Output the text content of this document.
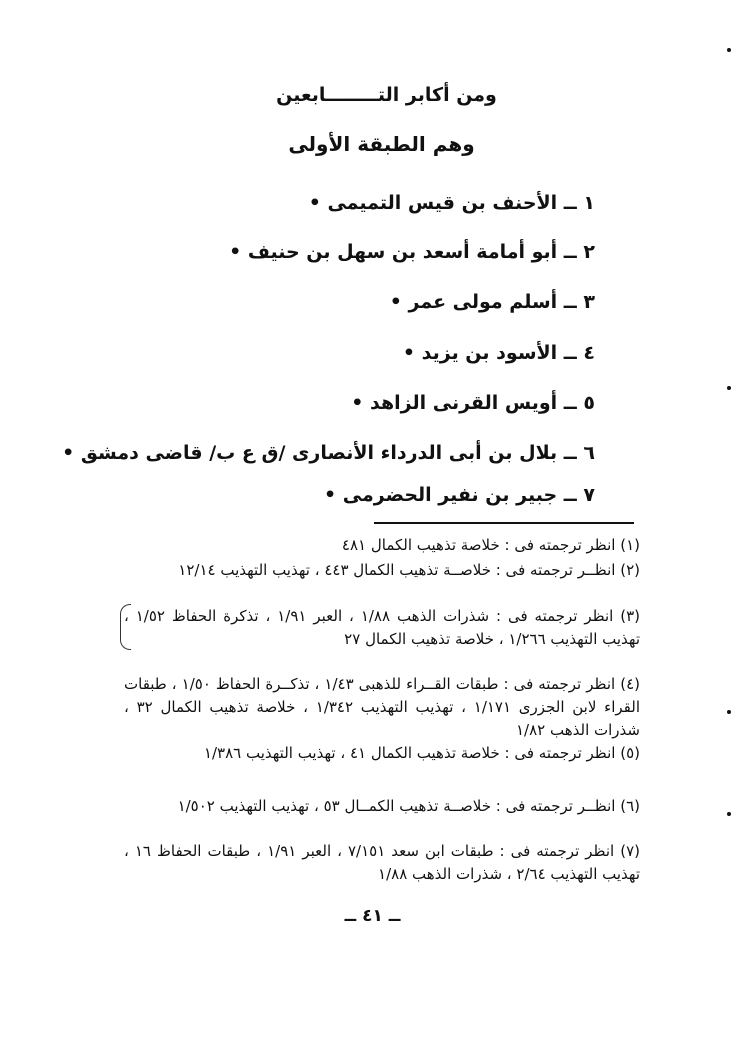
ومن أكابر التــــــــابعين
وهم الطبقة الأولى
١ ــ الأحنف بن قيس التميمى •
٢ ــ أبو أمامة أسعد بن سهل بن حنيف •
٣ ــ أسلم مولى عمر •
٤ ــ الأسود بن يزيد •
٥ ــ أويس القرنى الزاهد •
٦ ــ بلال بن أبى الدرداء الأنصارى /ق ع ب/ قاضى دمشق •
٧ ــ جبير بن نفير الحضرمى •
(١) انظر ترجمته فى : خلاصة تذهيب الكمال ٤٨١
(٢) انظــر ترجمته فى : خلاصــة تذهيب الكمال ٤٤٣ ، تهذيب التهذيب ١٢/١٤
(٣) انظر ترجمته فى : شذرات الذهب ١/٨٨ ، العبر ١/٩١ ، تذكرة الحفاظ ١/٥٢ ، تهذيب التهذيب ١/٢٦٦ ، خلاصة تذهيب الكمال ٢٧
(٤) انظر ترجمته فى : طبقات القــراء للذهبى ١/٤٣ ، تذكــرة الحفاظ ١/٥٠ ، طبقات القراء لابن الجزرى ١/١٧١ ، تهذيب التهذيب ١/٣٤٢ ، خلاصة تذهيب الكمال ٣٢ ، شذرات الذهب ١/٨٢
(٥) انظر ترجمته فى : خلاصة تذهيب الكمال ٤١ ، تهذيب التهذيب ١/٣٨٦
(٦) انظــر ترجمته فى : خلاصــة تذهيب الكمــال ٥٣ ، تهذيب التهذيب ١/٥٠٢
(٧) انظر ترجمته فى : طبقات ابن سعد ٧/١٥١ ، العبر ١/٩١ ، طبقات الحفاظ ١٦ ، تهذيب التهذيب ٢/٦٤ ، شذرات الذهب ١/٨٨
ــ ٤١ ــ
